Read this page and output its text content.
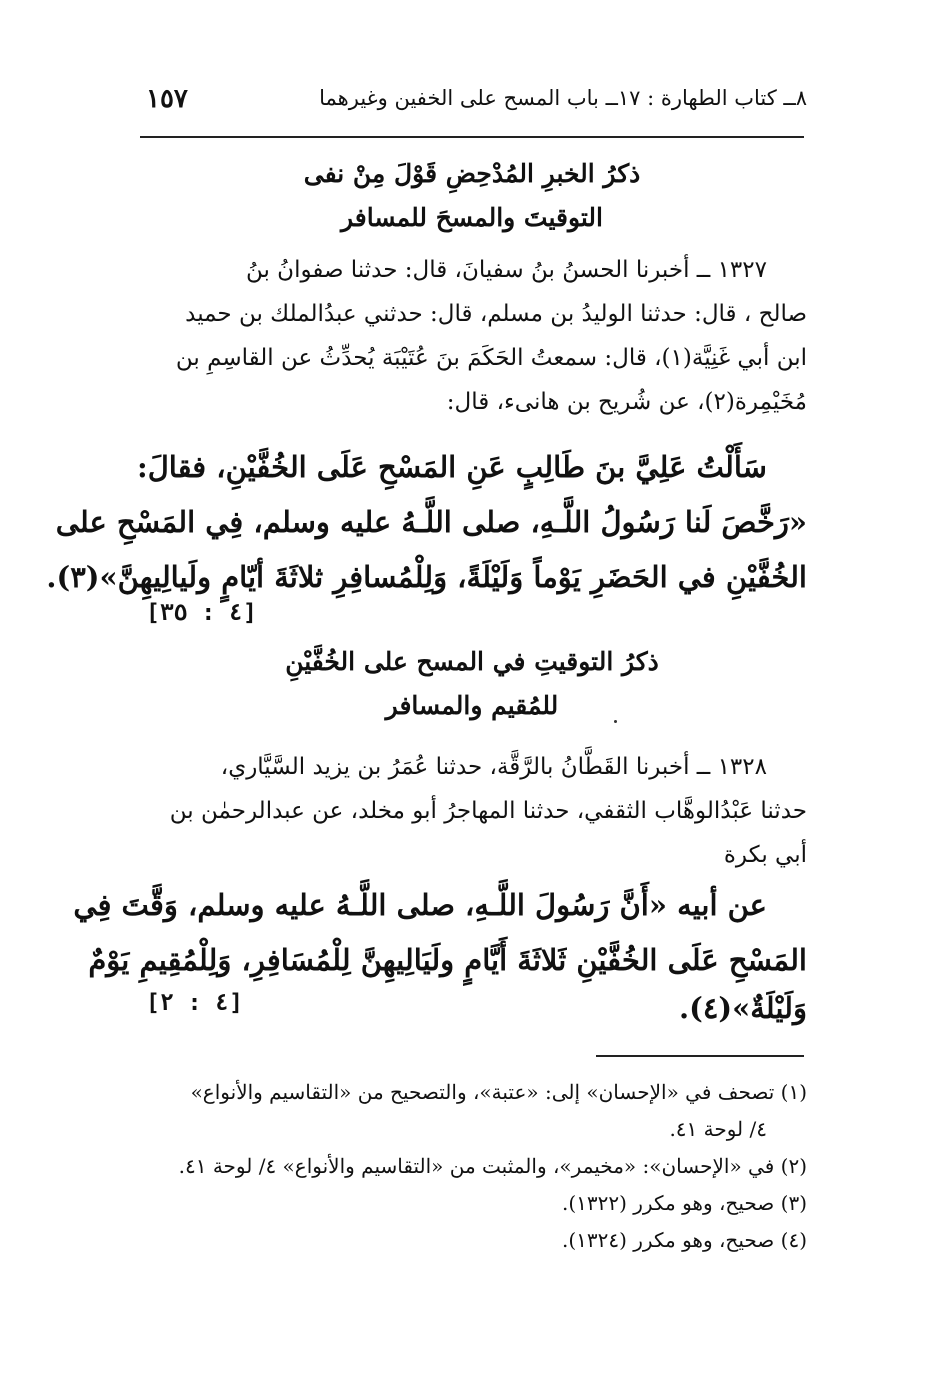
١٥٧	٨ــ كتاب الطهارة : ١٧ــ باب المسح على الخفين وغيرهما
ذكرُ الخبرِ المُدْحِضِ قَوْلَ مِنْ نفى
التوقيتَ والمسحَ للمسافر
١٣٢٧ ــ أخبرنا الحسنُ بنُ سفيانَ، قال: حدثنا صفوانُ بنُ
صالح ، قال: حدثنا الوليدُ بن مسلم، قال: حدثني عبدُالملك بن حميد
ابن أبي غَنِيَّة(١)، قال: سمعتُ الحَكَمَ بنَ عُتَيْبَة يُحدِّثُ عن القاسِمِ بن
مُخَيْمِرة(٢)، عن شُريح بن هانىء، قال:
سَأَلْتُ عَلِيَّ بنَ طَالِبٍ عَنِ المَسْحِ عَلَى الخُفَّيْنِ، فقالَ:
«رَخَّصَ لَنا رَسُولُ اللَّـهِ، صلى اللَّـهُ عليه وسلم، فِي المَسْحِ على
الخُفَّيْنِ في الحَضَرِ يَوْماً وَلَيْلَةً، وَلِلْمُسافِرِ ثلاثَةَ أيّامٍ ولَيالِيهِنَّ»(٣).
[٤ : ٣٥]
ذكرُ التوقيتِ في المسح على الخُفَّيْنِ
للمُقيم والمسافر
١٣٢٨ ــ أخبرنا القَطَّانُ بالرَّقَّة، حدثنا عُمَرُ بن يزيد السَّيَّاري،
حدثنا عَبْدُالوهَّاب الثقفي، حدثنا المهاجرُ أبو مخلد، عن عبدالرحمٰن بن
أبي بكرة
عن أبيه «أَنَّ رَسُولَ اللَّـهِ، صلى اللَّـهُ عليه وسلم، وَقَّتَ فِي
المَسْحِ عَلَى الخُفَّيْنِ ثَلاثَةَ أَيَّامٍ ولَيَالِيهِنَّ لِلْمُسَافِرِ، وَلِلْمُقِيمِ يَوْمٌ
وَلَيْلَةٌ»(٤).
[٤ : ٢]
(١) تصحف في «الإحسان» إلى: «عتبة»، والتصحيح من «التقاسيم والأنواع»
٤/ لوحة ٤١.
(٢) في «الإحسان»: «مخيمر»، والمثبت من «التقاسيم والأنواع» ٤/ لوحة ٤١.
(٣) صحيح، وهو مكرر (١٣٢٢).
(٤) صحيح، وهو مكرر (١٣٢٤).
